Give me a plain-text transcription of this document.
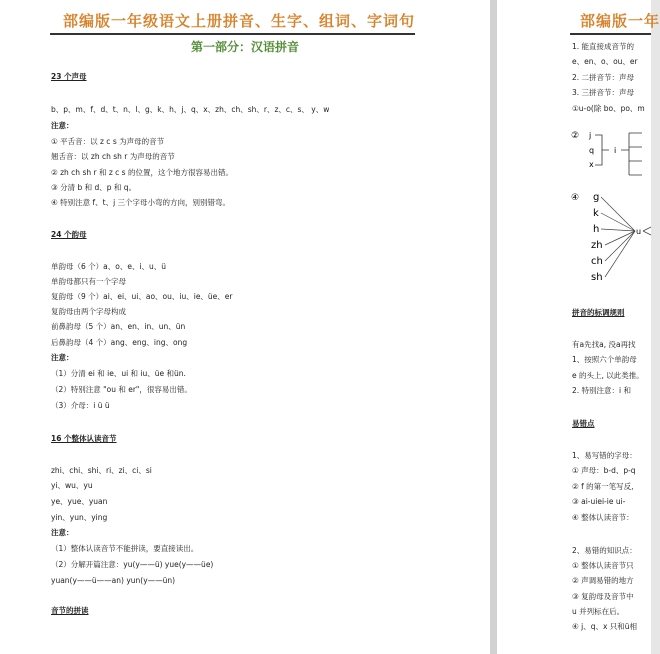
部编版一年级语文上册拼音、生字、组词、字词句
第一部分：汉语拼音
23 个声母
b、p、m、f、d、t、n、l、g、k、h、j、q、x、zh、ch、sh、r、z、c、s、 y、w
注意：
① 平舌音：以 z c s 为声母的音节
翘舌音：以 zh ch sh r 为声母的音节
② zh ch sh r 和 z c s 的位置，这个地方很容易出错。
③ 分清 b 和 d、p 和 q。
④ 特别注意 f、t、j 三个字母小弯的方向，别别错弯。
24 个韵母
单韵母（6 个）a、o、e、i、u、ü
单韵母都只有一个字母
复韵母（9 个）ai、ei、ui、ao、ou、iu、ie、üe、er
复韵母由两个字母构成
前鼻韵母（5 个）an、en、in、un、ün
后鼻韵母（4 个）ang、eng、ing、ong
注意：
（1）分清 ei 和 ie、ui 和 iu、üe 和ün.
（2）特别注意 "ou 和 er"，很容易出错。
（3）介母：i ü ü
16 个整体认读音节
zhi、chi、shi、ri、zi、ci、si
yi、wu、yu
ye、yue、yuan
yin、yun、ying
注意：
（1）整体认读音节不能拼读，要直接读出。
（2）分解开篇注意：yu(y——ü) yue(y——üe)
yuan(y——ü——an) yun(y——ün)
音节的拼读
部编版一年
1. 能直接成音节的
e、en、o、ou、er
2. 二拼音节：声母
3. 三拼音节：声母
①u-o(除 bo、po、m
拼音的标调规则
有a先找a, 没a再找
1、按照六个单韵母
e 的头上, 以此类推。
2. 特别注意：i 和
易错点
1、易写错的字母：
① 声母：b-d、p-q
② f 的第一笔写反,
③ ai-uiei-ie ui-
④ 整体认读音节：
2、易错的知识点：
① 整体认读音节只
② 声调易错的地方
③ 复韵母及音节中
u 并列标在后。
④ j、q、x 只和ü相
② j
q
x
i
④ g
k
h
zh
ch
sh
u
